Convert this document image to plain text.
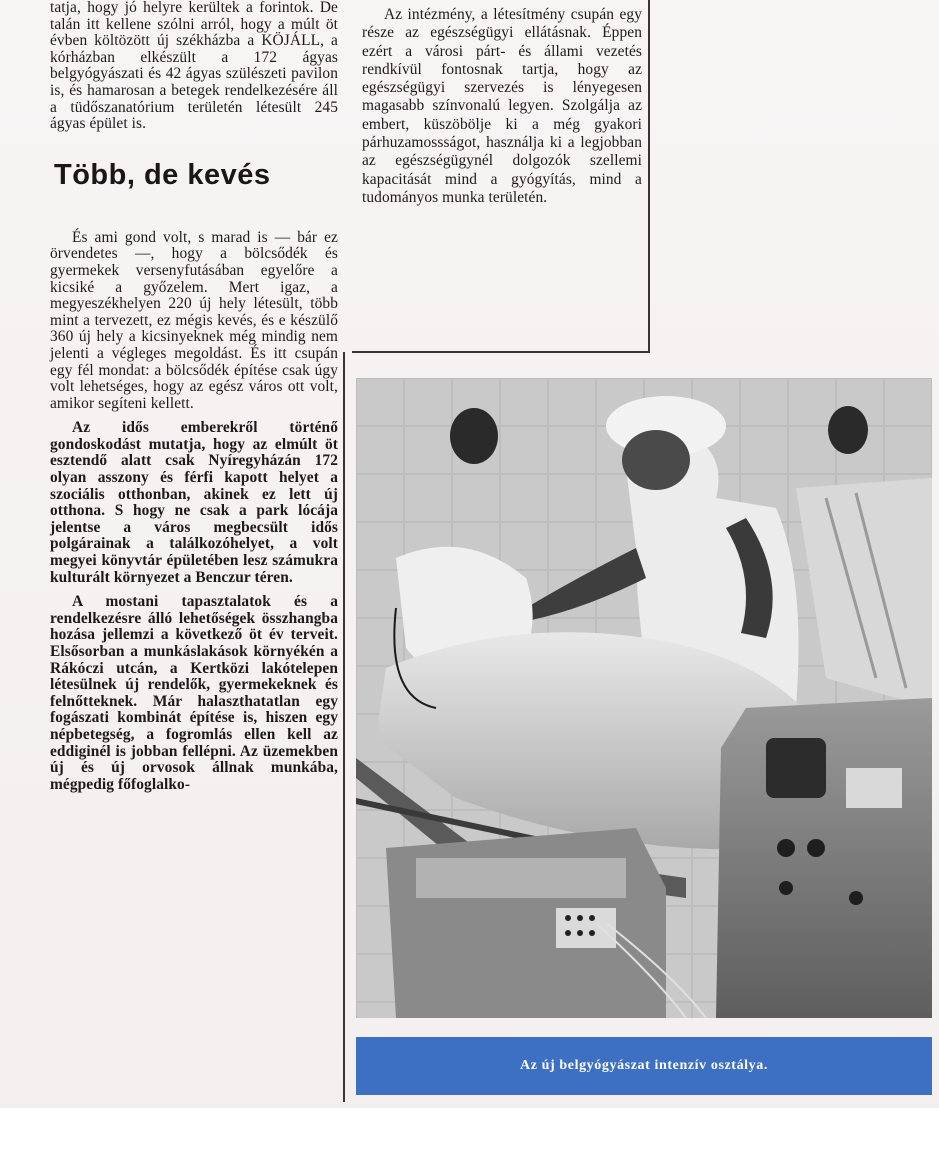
tatja, hogy jó helyre kerültek a forintok. De talán itt kellene szólni arról, hogy a múlt öt évben költözött új székházba a KÖJÁLL, a kórházban elkészült a 172 ágyas belgyógyászati és 42 ágyas szülészeti pavilon is, és hamarosan a betegek rendelkezésére áll a tüdőszanatórium területén létesült 245 ágyas épület is.

Több, de kevés

És ami gond volt, s marad is — bár ez örvendetes —, hogy a bölcsődék és gyermekek versenyfutásában egyelőre a kicsiké a győzelem. Mert igaz, a megyeszékhelyen 220 új hely létesült, több mint a tervezett, ez mégis kevés, és e készülő 360 új hely a kicsinyeknek még mindig nem jelenti a végleges megoldást. És itt csupán egy fél mondat: a bölcsődék építése csak úgy volt lehetséges, hogy az egész város ott volt, amikor segíteni kellett.

Az idős emberekről történő gondoskodást mutatja, hogy az elmúlt öt esztendő alatt csak Nyíregyházán 172 olyan asszony és férfi kapott helyet a szociális otthonban, akinek ez lett új otthona. S hogy ne csak a park lócája jelentse a város megbecsült idős polgárainak a találkozóhelyet, a volt megyei könyvtár épületében lesz számukra kulturált környezet a Benczur téren.

A mostani tapasztalatok és a rendelkezésre álló lehetőségek összhangba hozása jellemzi a következő öt év terveit. Elsősorban a munkáslakások környékén a Rákóczi utcán, a Kertközi lakótelepen létesülnek új rendelők, gyermekeknek és felnőtteknek. Már halaszthatatlan egy fogászati kombinát építése is, hiszen egy népbetegség, a fogromlás ellen kell az eddiginél is jobban fellépni. Az üzemekben új és új orvosok állnak munkába, mégpedig főfoglalko-

Az intézmény, a létesítmény csupán egy része az egészségügyi ellátásnak. Éppen ezért a városi párt- és állami vezetés rendkívül fontosnak tartja, hogy az egészségügyi szervezés is lényegesen magasabb színvonalú legyen. Szolgálja az embert, küszöbölje ki a még gyakori párhuzamossságot, használja ki a legjobban az egészségügynél dolgozók szellemi kapacitását mind a gyógyítás, mind a tudományos munka területén.

Az új belgyógyászat intenzív osztálya.
